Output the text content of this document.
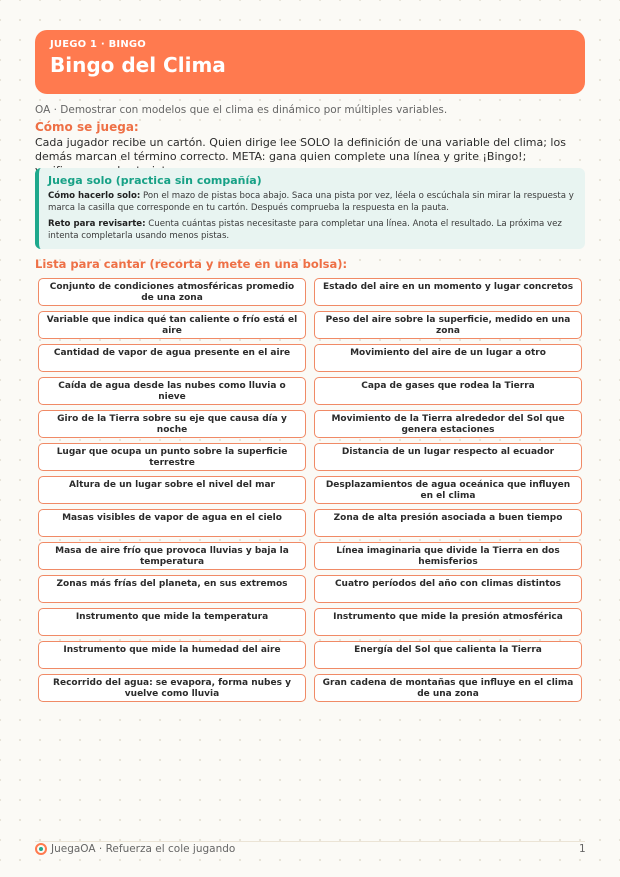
JUEGO 1 · BINGO
Bingo del Clima
OA · Demostrar con modelos que el clima es dinámico por múltiples variables.
Cómo se juega:
Cada jugador recibe un cartón. Quien dirige lee SOLO la definición de una variable del clima; los demás marcan el término correcto. META: gana quien complete una línea y grite ¡Bingo!;
Juega solo (practica sin compañía)

Cómo hacerlo solo: Pon el mazo de pistas boca abajo. Saca una pista por vez, léela o escúchala sin mirar la respuesta y marca la casilla que corresponde en tu cartón. Después comprueba la respuesta en la pauta.

Reto para revisarte: Cuenta cuántas pistas necesitaste para completar una línea. Anota el resultado. La próxima vez intenta completarla usando menos pistas.

Lista para cantar (recorta y mete en una bolsa):
Conjunto de condiciones atmosféricas promedio de una zona
Estado del aire en un momento y lugar concretos
Variable que indica qué tan caliente o frío está el aire
Peso del aire sobre la superficie, medido en una zona
Cantidad de vapor de agua presente en el aire	Movimiento del aire de un lugar a otro
Caída de agua desde las nubes como lluvia o nieve
Capa de gases que rodea la Tierra
Giro de la Tierra sobre su eje que causa día y noche
Movimiento de la Tierra alrededor del Sol que genera estaciones
Lugar que ocupa un punto sobre la superficie terrestre
Distancia de un lugar respecto al ecuador
Altura de un lugar sobre el nivel del mar	Desplazamientos de agua oceánica que influyen en el clima
Masas visibles de vapor de agua en el cielo	Zona de alta presión asociada a buen tiempo
Masa de aire frío que provoca lluvias y baja la temperatura
Línea imaginaria que divide la Tierra en dos hemisferios
Zonas más frías del planeta, en sus extremos	Cuatro períodos del año con climas distintos
Instrumento que mide la temperatura	Instrumento que mide la presión atmosférica
Instrumento que mide la humedad del aire	Energía del Sol que calienta la Tierra
Recorrido del agua: se evapora, forma nubes y vuelve como lluvia
Gran cadena de montañas que influye en el clima de una zona
JuegaOA · Refuerza el cole jugando	1
